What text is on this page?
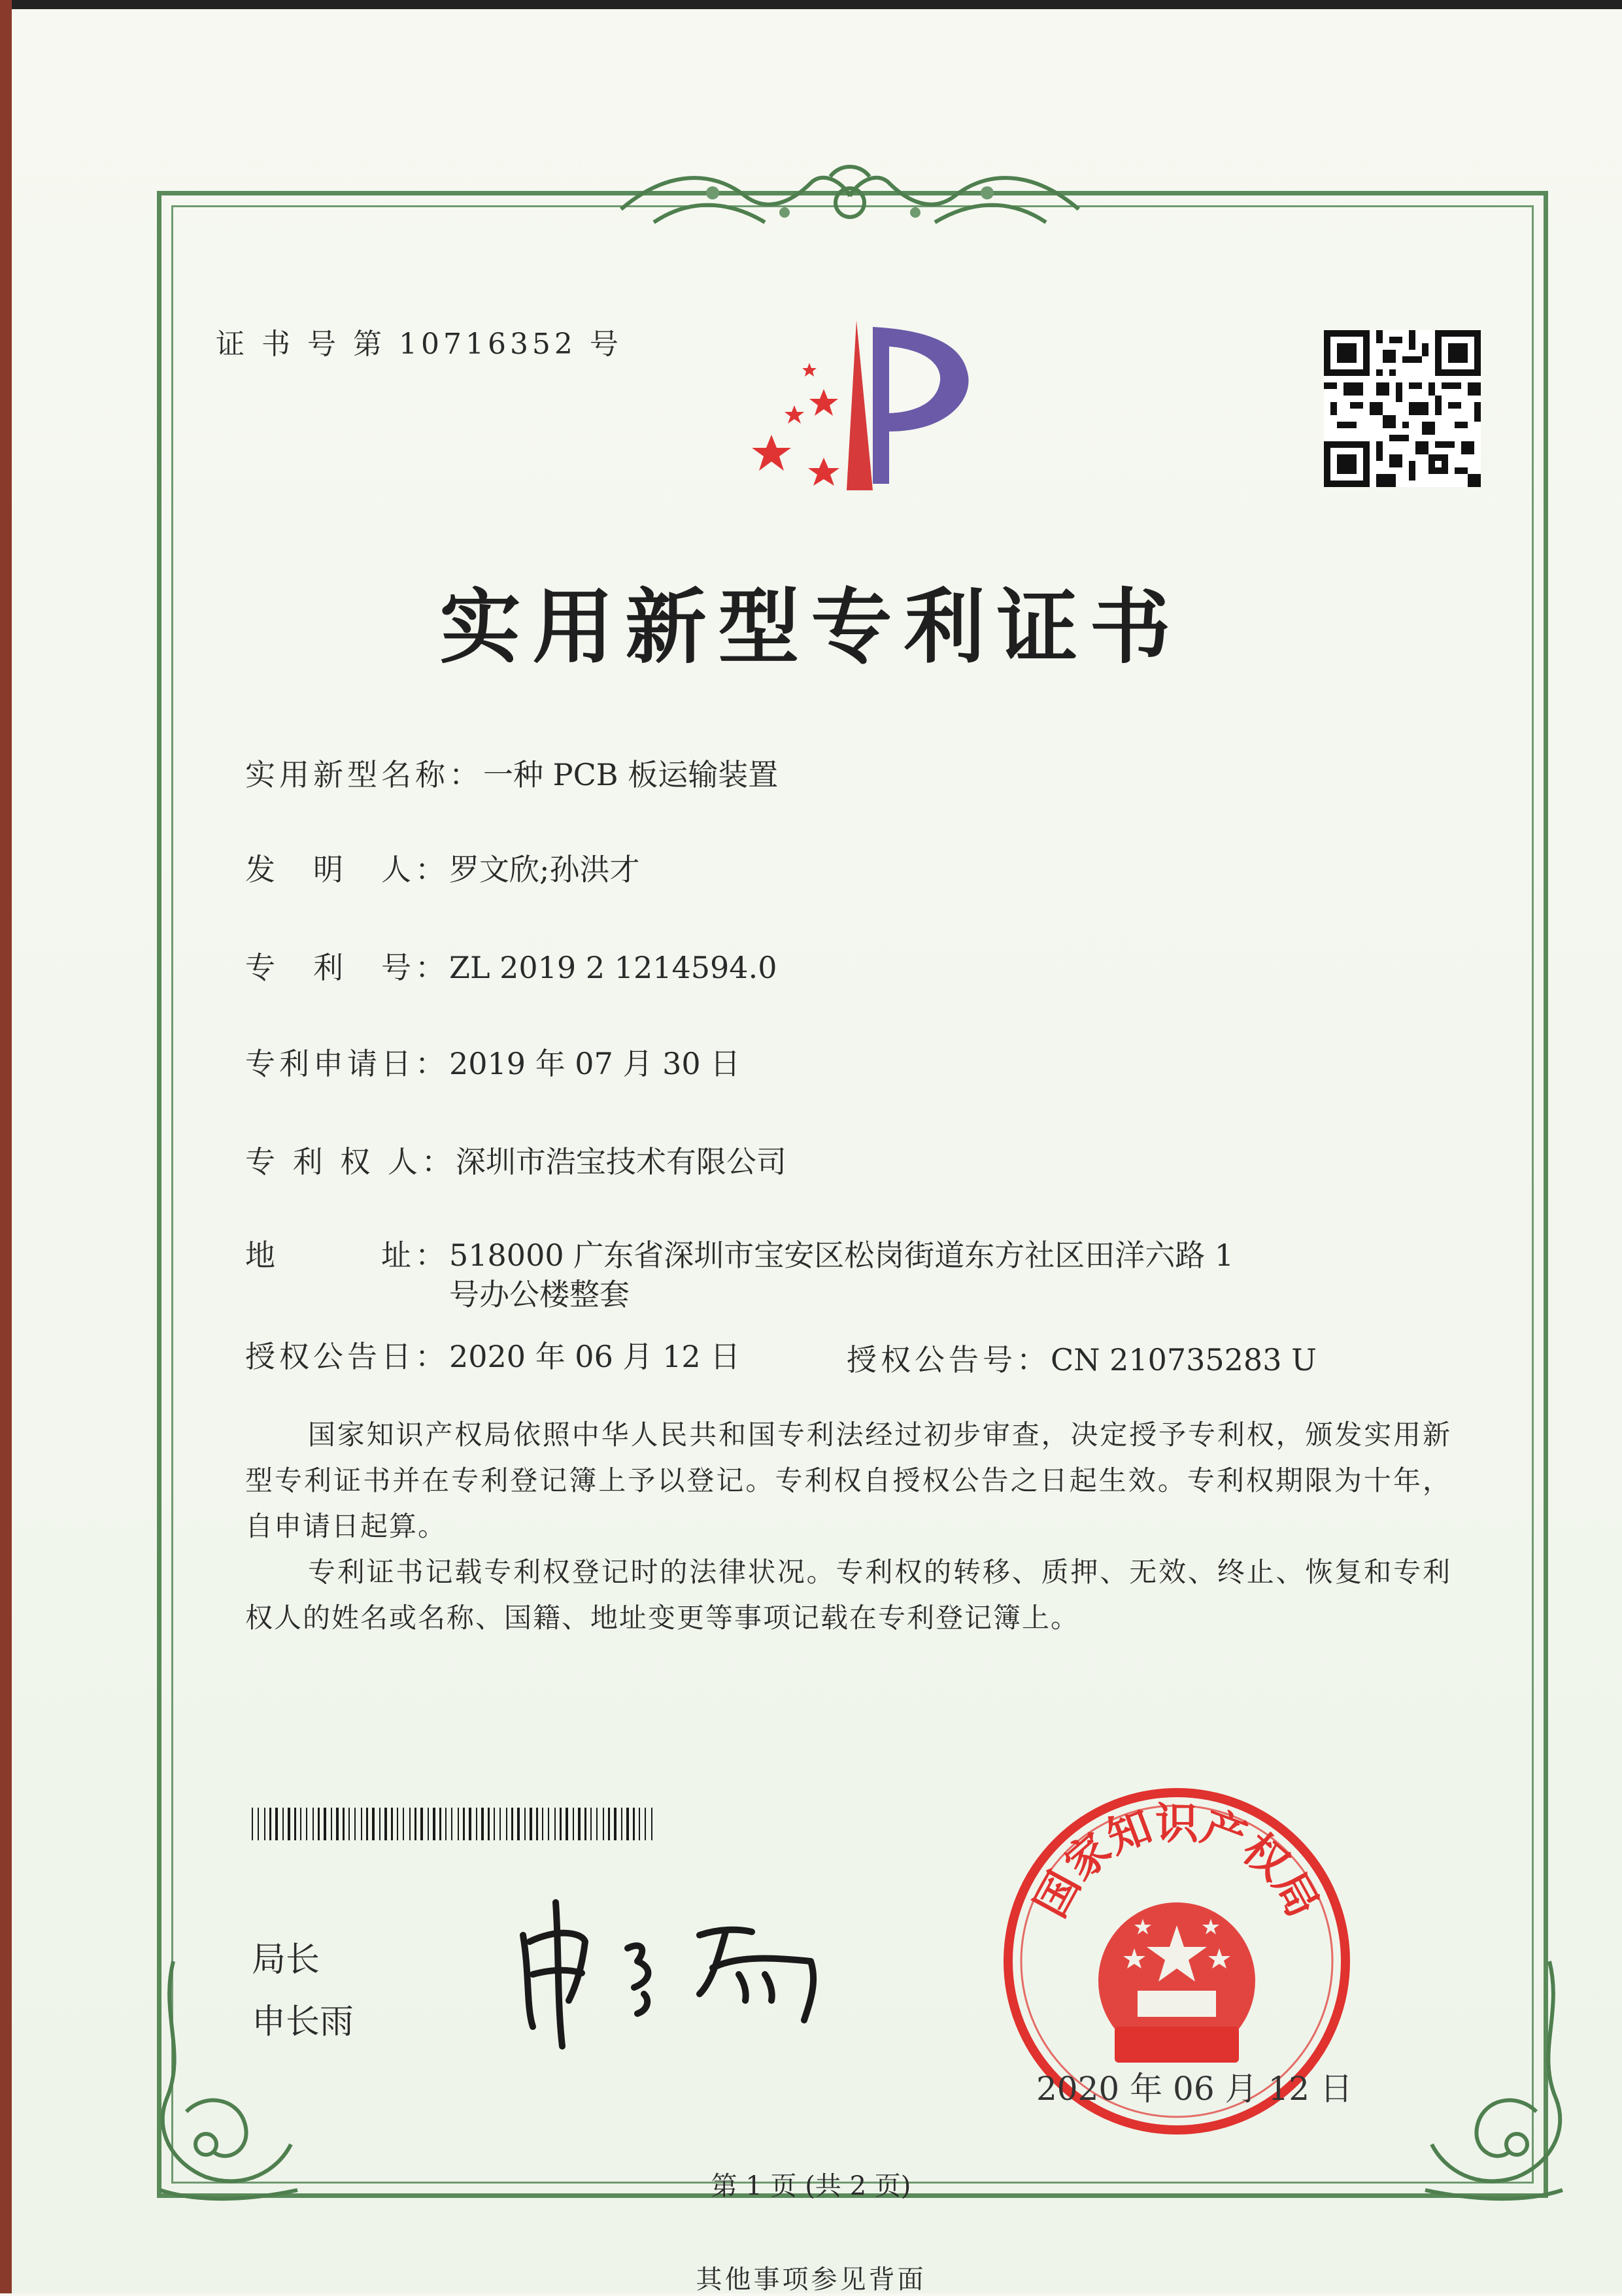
证 书 号 第 10716352 号
实用新型专利证书
实用新型名称：一种 PCB 板运输装置
发　明　人：罗文欣;孙洪才
专　利　号：ZL 2019 2 1214594.0
专利申请日：2019 年 07 月 30 日
专 利 权 人：深圳市浩宝技术有限公司
地　　　址：518000 广东省深圳市宝安区松岗街道东方社区田洋六路 1 号办公楼整套
授权公告日：2020 年 06 月 12 日	授权公告号：CN 210735283 U
国家知识产权局依照中华人民共和国专利法经过初步审查，决定授予专利权，颁发实用新型专利证书并在专利登记簿上予以登记。专利权自授权公告之日起生效。专利权期限为十年，自申请日起算。
专利证书记载专利权登记时的法律状况。专利权的转移、质押、无效、终止、恢复和专利权人的姓名或名称、国籍、地址变更等事项记载在专利登记簿上。
局长
申长雨
国家知识产权局
2020 年 06 月 12 日
第 1 页 (共 2 页)
其他事项参见背面
